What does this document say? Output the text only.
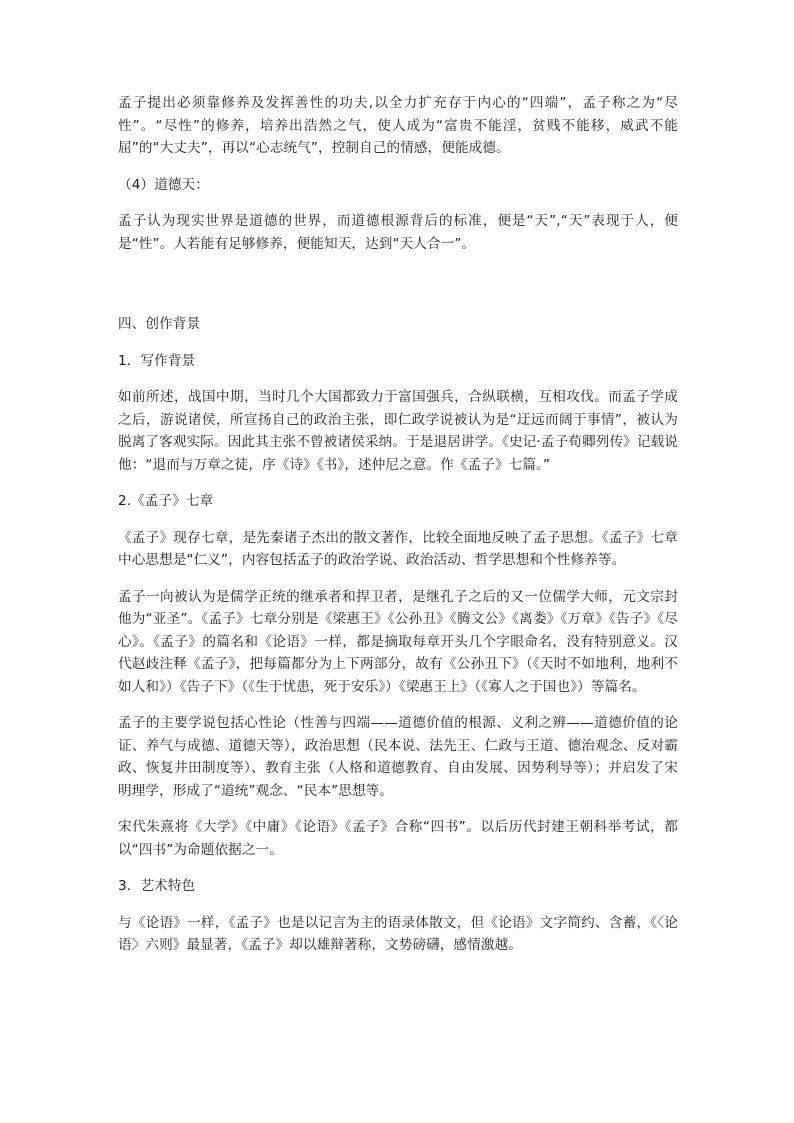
孟子提出必须靠修养及发挥善性的功夫,以全力扩充存于内心的“四端”，孟子称之为“尽性”。“尽性”的修养，培养出浩然之气，使人成为“富贵不能淫，贫贱不能移，威武不能屈”的“大丈夫”，再以“心志统气”，控制自己的情感，便能成德。

（4）道德天：

孟子认为现实世界是道德的世界，而道德根源背后的标准，便是“天”,“天”表现于人，便是“性”。人若能有足够修养，便能知天，达到“天人合一”。

四、创作背景

1．写作背景

如前所述，战国中期，当时几个大国都致力于富国强兵，合纵联横，互相攻伐。而孟子学成之后，游说诸侯，所宣扬自己的政治主张，即仁政学说被认为是“迂远而阔于事情”，被认为脱离了客观实际。因此其主张不曾被诸侯采纳。于是退居讲学。《史记·孟子荀卿列传》记载说他：“退而与万章之徒，序《诗》《书》，述仲尼之意。作《孟子》七篇。”

2.《孟子》七章

《孟子》现存七章，是先秦诸子杰出的散文著作，比较全面地反映了孟子思想。《孟子》七章中心思想是“仁义”，内容包括孟子的政治学说、政治活动、哲学思想和个性修养等。

孟子一向被认为是儒学正统的继承者和捍卫者，是继孔子之后的又一位儒学大师，元文宗封他为“亚圣”。《孟子》七章分别是《梁惠王》《公孙丑》《腾文公》《离娄》《万章》《告子》《尽心》。《孟子》的篇名和《论语》一样，都是摘取每章开头几个字眼命名，没有特别意义。汉代赵歧注释《孟子》，把每篇都分为上下两部分，故有《公孙丑下》（《天时不如地利，地利不如人和》）《告子下》（《生于忧患，死于安乐》）《梁惠王上》（《寡人之于国也》）等篇名。

孟子的主要学说包括心性论（性善与四端——道德价值的根源、义利之辨——道德价值的论证、养气与成德、道德天等），政治思想（民本说、法先王、仁政与王道、德治观念、反对霸政、恢复井田制度等）、教育主张（人格和道德教育、自由发展、因势利导等）；并启发了宋明理学，形成了“道统”观念、“民本”思想等。

宋代朱熹将《大学》《中庸》《论语》《孟子》合称“四书”。以后历代封建王朝科举考试，都以“四书”为命题依据之一。

3．艺术特色

与《论语》一样，《孟子》也是以记言为主的语录体散文，但《论语》文字简约、含蓄，《〈论语〉六则》最显著，《孟子》却以雄辩著称，文势磅礴，感情激越。
